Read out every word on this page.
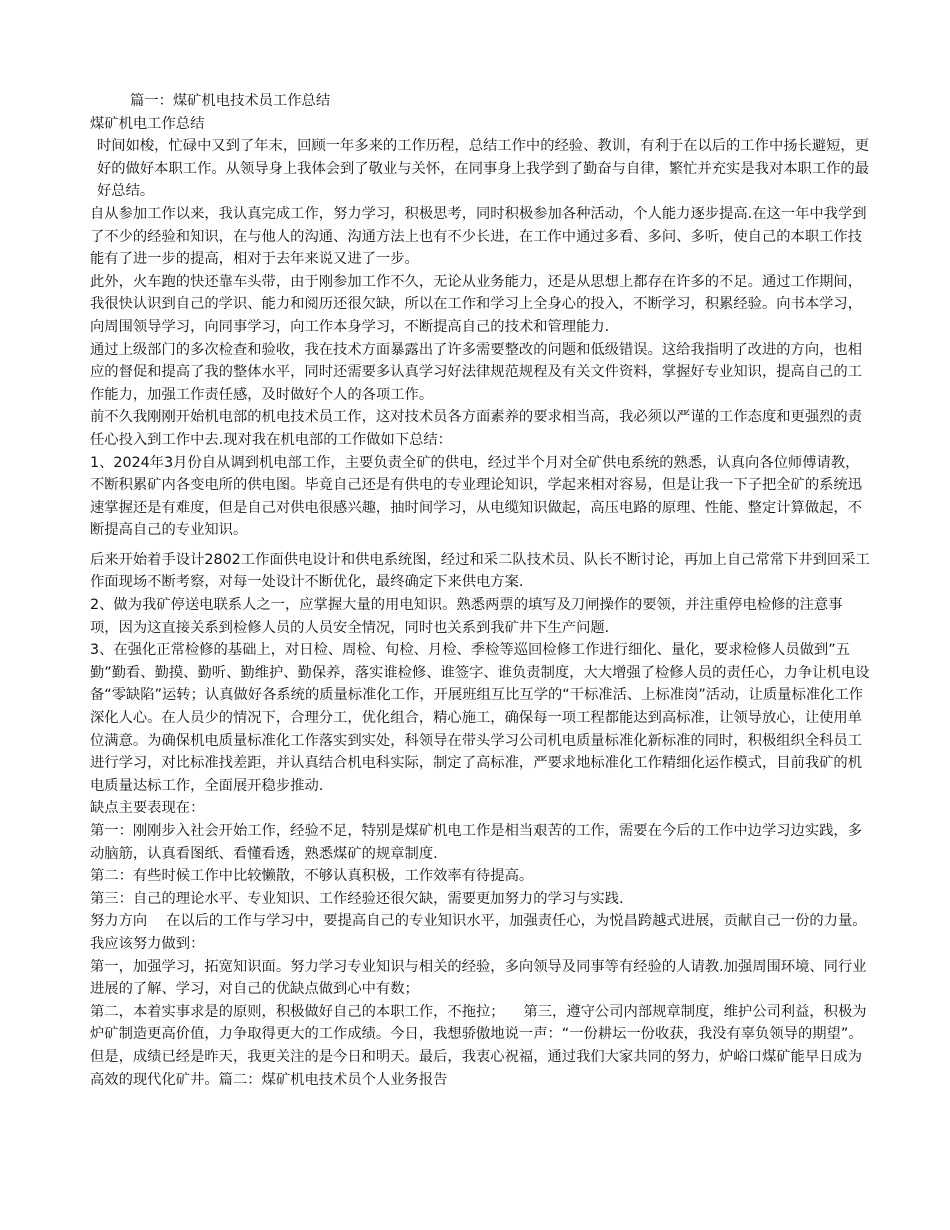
篇一：煤矿机电技术员工作总结

煤矿机电工作总结

时间如梭，忙碌中又到了年末，回顾一年多来的工作历程，总结工作中的经验、教训，有利于在以后的工作中扬长避短，更好的做好本职工作。从领导身上我体会到了敬业与关怀，在同事身上我学到了勤奋与自律，繁忙并充实是我对本职工作的最好总结。

自从参加工作以来，我认真完成工作，努力学习，积极思考，同时积极参加各种活动，个人能力逐步提高.在这一年中我学到了不少的经验和知识，在与他人的沟通、沟通方法上也有不少长进，在工作中通过多看、多问、多听，使自己的本职工作技能有了进一步的提高，相对于去年来说又进了一步。

此外，火车跑的快还靠车头带，由于刚参加工作不久，无论从业务能力，还是从思想上都存在许多的不足。通过工作期间，我很快认识到自己的学识、能力和阅历还很欠缺，所以在工作和学习上全身心的投入，不断学习，积累经验。向书本学习，向周围领导学习，向同事学习，向工作本身学习，不断提高自己的技术和管理能力.

通过上级部门的多次检查和验收，我在技术方面暴露出了许多需要整改的问题和低级错误。这给我指明了改进的方向，也相应的督促和提高了我的整体水平，同时还需要多认真学习好法律规范规程及有关文件资料，掌握好专业知识，提高自己的工作能力，加强工作责任感，及时做好个人的各项工作。

前不久我刚刚开始机电部的机电技术员工作，这对技术员各方面素养的要求相当高，我必须以严谨的工作态度和更强烈的责任心投入到工作中去.现对我在机电部的工作做如下总结：

1、2024年3月份自从调到机电部工作，主要负责全矿的供电，经过半个月对全矿供电系统的熟悉，认真向各位师傅请教，不断积累矿内各变电所的供电图。毕竟自己还是有供电的专业理论知识，学起来相对容易，但是让我一下子把全矿的系统迅速掌握还是有难度，但是自己对供电很感兴趣，抽时间学习，从电缆知识做起，高压电路的原理、性能、整定计算做起，不断提高自己的专业知识。

后来开始着手设计2802工作面供电设计和供电系统图，经过和采二队技术员、队长不断讨论，再加上自己常常下井到回采工作面现场不断考察，对每一处设计不断优化，最终确定下来供电方案.

2、做为我矿停送电联系人之一，应掌握大量的用电知识。熟悉两票的填写及刀闸操作的要领，并注重停电检修的注意事项，因为这直接关系到检修人员的人员安全情况，同时也关系到我矿井下生产问题.

3、在强化正常检修的基础上，对日检、周检、旬检、月检、季检等巡回检修工作进行细化、量化，要求检修人员做到”五勤”勤看、勤摸、勤听、勤维护、勤保养，落实谁检修、谁签字、谁负责制度，大大增强了检修人员的责任心，力争让机电设备“零缺陷”运转；认真做好各系统的质量标准化工作，开展班组互比互学的“干标准活、上标准岗”活动，让质量标准化工作深化人心。在人员少的情况下，合理分工，优化组合，精心施工，确保每一项工程都能达到高标准，让领导放心，让使用单位满意。为确保机电质量标准化工作落实到实处，科领导在带头学习公司机电质量标准化新标准的同时，积极组织全科员工进行学习，对比标准找差距，并认真结合机电科实际，制定了高标准，严要求地标准化工作精细化运作模式，目前我矿的机电质量达标工作，全面展开稳步推动.

缺点主要表现在：

第一：刚刚步入社会开始工作，经验不足，特别是煤矿机电工作是相当艰苦的工作，需要在今后的工作中边学习边实践，多动脑筋，认真看图纸、看懂看透，熟悉煤矿的规章制度.

第二：有些时候工作中比较懒散，不够认真积极，工作效率有待提高。

第三：自己的理论水平、专业知识、工作经验还很欠缺，需要更加努力的学习与实践.

努力方向 　在以后的工作与学习中，要提高自己的专业知识水平，加强责任心，为悦昌跨越式进展，贡献自己一份的力量。我应该努力做到：

第一，加强学习，拓宽知识面。努力学习专业知识与相关的经验，多向领导及同事等有经验的人请教.加强周围环境、同行业进展的了解、学习，对自己的优缺点做到心中有数；

第二，本着实事求是的原则，积极做好自己的本职工作，不拖拉； 　第三，遵守公司内部规章制度，维护公司利益，积极为炉矿制造更高价值，力争取得更大的工作成绩。今日，我想骄傲地说一声：“一份耕坛一份收获，我没有辜负领导的期望”。但是，成绩已经是昨天，我更关注的是今日和明天。最后，我衷心祝福，通过我们大家共同的努力，炉峪口煤矿能早日成为高效的现代化矿井。篇二：煤矿机电技术员个人业务报告
